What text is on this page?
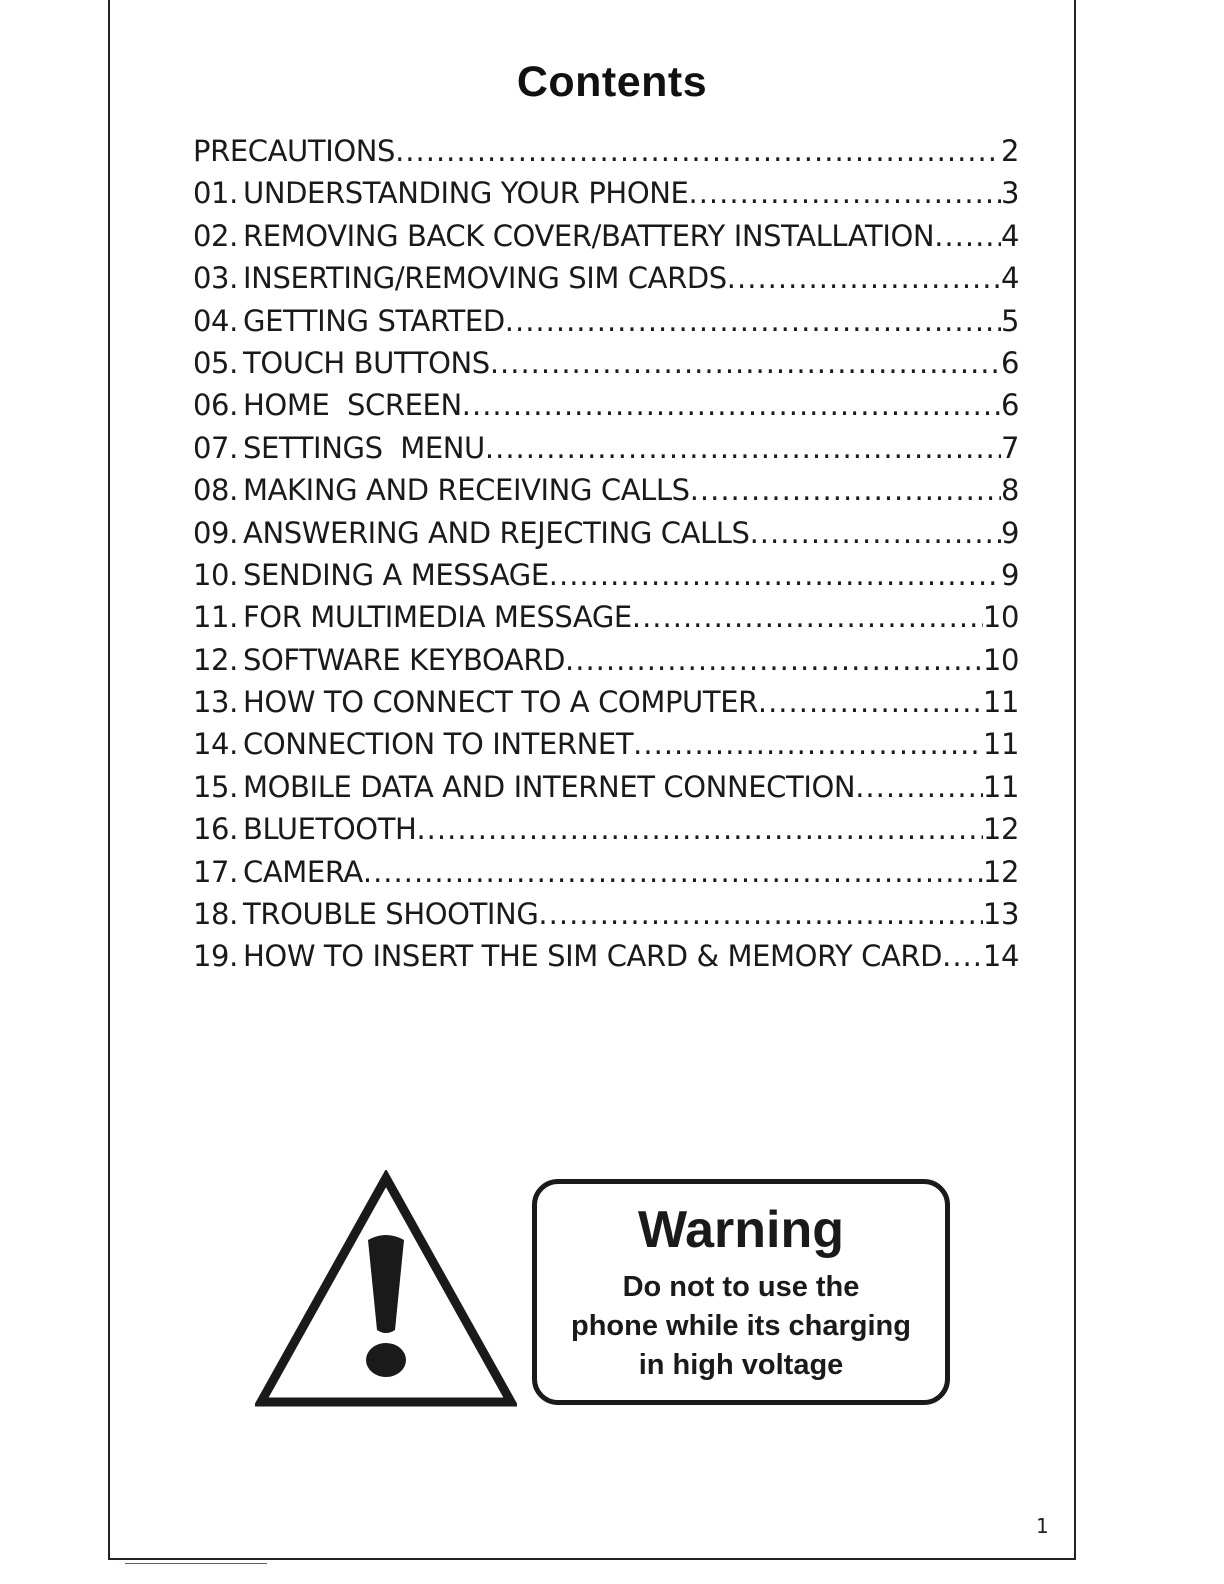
Contents
PRECAUTIONS .....	2
01. UNDERSTANDING YOUR PHONE .....	3
02. REMOVING BACK COVER/BATTERY INSTALLATION ..... 4
03. INSERTING/REMOVING SIM CARDS .....	4
04. GETTING STARTED .....	5
05. TOUCH BUTTONS .....	6
06. HOME  SCREEN .....	6
07. SETTINGS  MENU .....	7
08. MAKING AND RECEIVING CALLS .....	8
09. ANSWERING AND REJECTING CALLS .....	9
10. SENDING A MESSAGE .....	9
11. FOR MULTIMEDIA MESSAGE .....	10
12. SOFTWARE KEYBOARD .....	10
13. HOW TO CONNECT TO A COMPUTER .....	11
14. CONNECTION TO INTERNET .....	11
15. MOBILE DATA AND INTERNET CONNECTION .....	11
16. BLUETOOTH .....	12
17. CAMERA .....	12
18. TROUBLE SHOOTING .....	13
19. HOW TO INSERT THE SIM CARD & MEMORY CARD ..... 14
Warning
Do not to use the
phone while its charging
in high voltage
1
